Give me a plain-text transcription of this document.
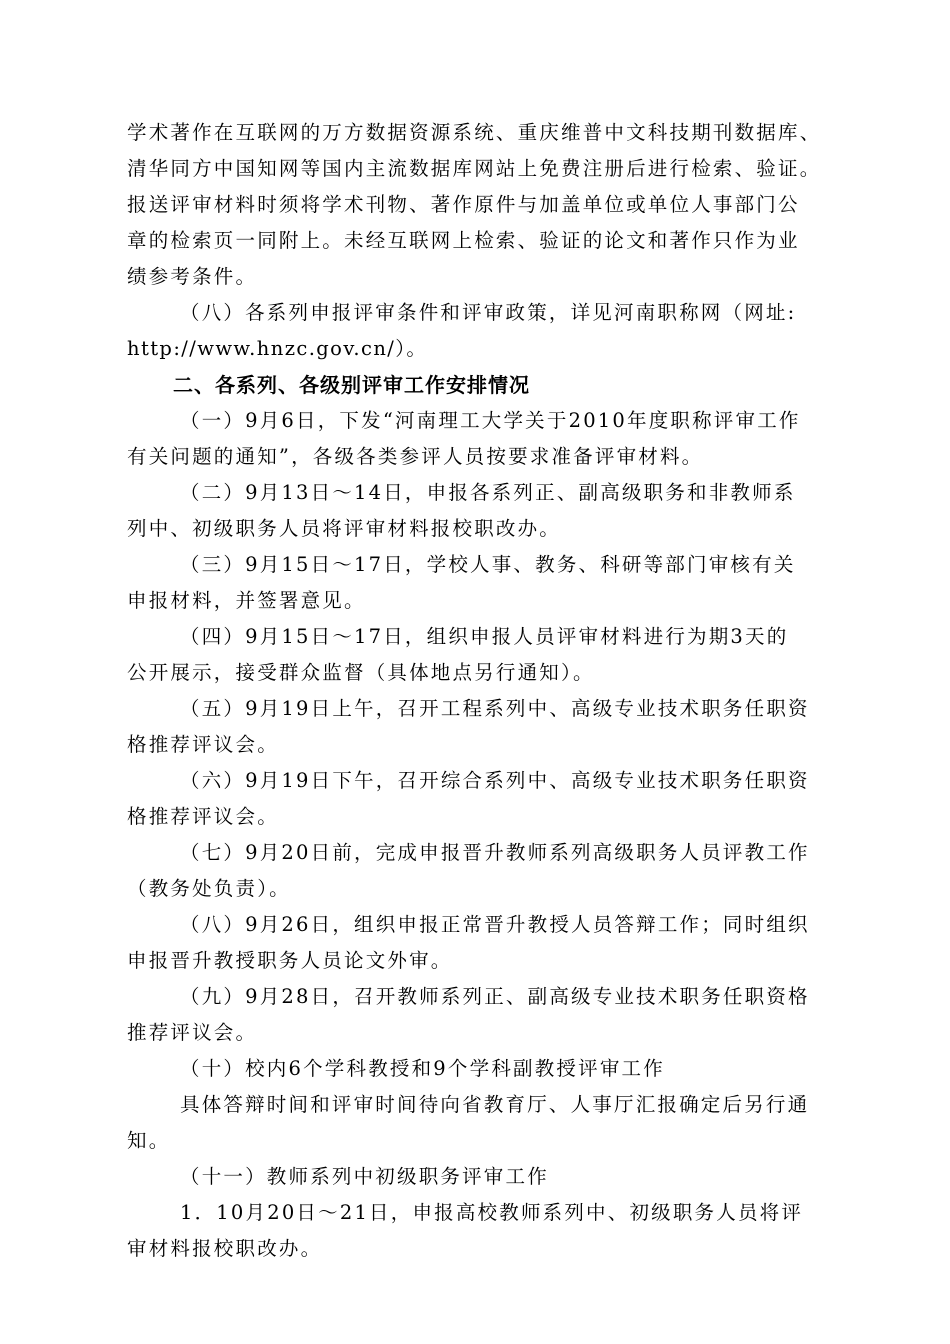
学术著作在互联网的万方数据资源系统、重庆维普中文科技期刊数据库、
清华同方中国知网等国内主流数据库网站上免费注册后进行检索、验证。
报送评审材料时须将学术刊物、著作原件与加盖单位或单位人事部门公
章的检索页一同附上。未经互联网上检索、验证的论文和著作只作为业
绩参考条件。
（八）各系列申报评审条件和评审政策，详见河南职称网（网址:
http://www.hnzc.gov.cn/）。
二、各系列、各级别评审工作安排情况
（一）9月6日，下发“河南理工大学关于2010年度职称评审工作
有关问题的通知”，各级各类参评人员按要求准备评审材料。
（二）9月13日～14日，申报各系列正、副高级职务和非教师系
列中、初级职务人员将评审材料报校职改办。
（三）9月15日～17日，学校人事、教务、科研等部门审核有关
申报材料，并签署意见。
（四）9月15日～17日，组织申报人员评审材料进行为期3天的
公开展示，接受群众监督（具体地点另行通知）。
（五）9月19日上午，召开工程系列中、高级专业技术职务任职资
格推荐评议会。
（六）9月19日下午，召开综合系列中、高级专业技术职务任职资
格推荐评议会。
（七）9月20日前，完成申报晋升教师系列高级职务人员评教工作
（教务处负责）。
（八）9月26日，组织申报正常晋升教授人员答辩工作；同时组织
申报晋升教授职务人员论文外审。
（九）9月28日，召开教师系列正、副高级专业技术职务任职资格
推荐评议会。
（十）校内6个学科教授和9个学科副教授评审工作
具体答辩时间和评审时间待向省教育厅、人事厅汇报确定后另行通
知。
（十一）教师系列中初级职务评审工作
1．10月20日～21日，申报高校教师系列中、初级职务人员将评
审材料报校职改办。
